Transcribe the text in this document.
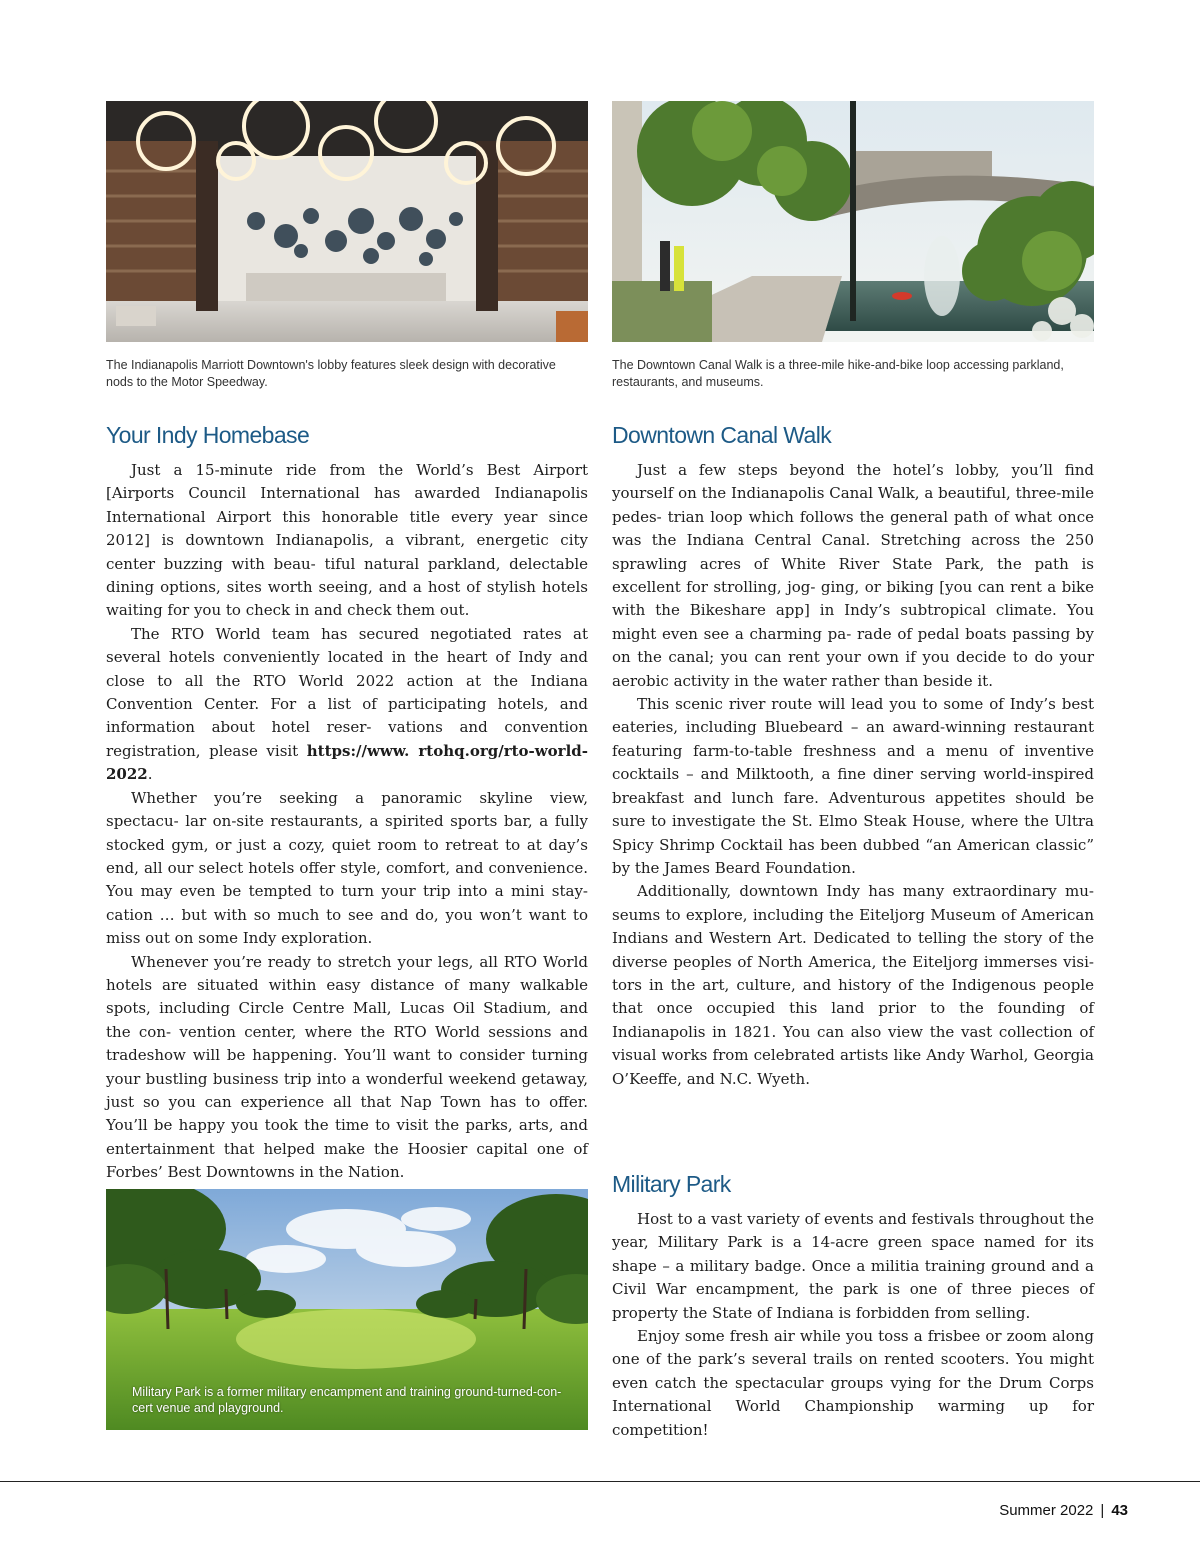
The Indianapolis Marriott Downtown's lobby features sleek design with decorative nods to the Motor Speedway.
The Downtown Canal Walk is a three-mile hike-and-bike loop accessing parkland, restaurants, and museums.
Your Indy Homebase

Just a 15-minute ride from the World’s Best Airport [Airports Council International has awarded Indianapolis International Airport this honorable title every year since 2012] is downtown Indianapolis, a vibrant, energetic city center buzzing with beau- tiful natural parkland, delectable dining options, sites worth seeing, and a host of stylish hotels waiting for you to check in and check them out.

The RTO World team has secured negotiated rates at several hotels conveniently located in the heart of Indy and close to all the RTO World 2022 action at the Indiana Convention Center. For a list of participating hotels, and information about hotel reser- vations and convention registration, please visit https://www. rtohq.org/rto-world-2022.

Whether you’re seeking a panoramic skyline view, spectacu- lar on-site restaurants, a spirited sports bar, a fully stocked gym, or just a cozy, quiet room to retreat to at day’s end, all our select hotels offer style, comfort, and convenience. You may even be tempted to turn your trip into a mini stay-cation … but with so much to see and do, you won’t want to miss out on some Indy exploration.

Whenever you’re ready to stretch your legs, all RTO World hotels are situated within easy distance of many walkable spots, including Circle Centre Mall, Lucas Oil Stadium, and the con- vention center, where the RTO World sessions and tradeshow will be happening. You’ll want to consider turning your bustling business trip into a wonderful weekend getaway, just so you can experience all that Nap Town has to offer. You’ll be happy you took the time to visit the parks, arts, and entertainment that helped make the Hoosier capital one of Forbes’ Best Downtowns in the Nation.

Downtown Canal Walk

Just a few steps beyond the hotel’s lobby, you’ll find yourself on the Indianapolis Canal Walk, a beautiful, three-mile pedes- trian loop which follows the general path of what once was the Indiana Central Canal. Stretching across the 250 sprawling acres of White River State Park, the path is excellent for strolling, jog- ging, or biking [you can rent a bike with the Bikeshare app] in Indy’s subtropical climate. You might even see a charming pa- rade of pedal boats passing by on the canal; you can rent your own if you decide to do your aerobic activity in the water rather than beside it.

This scenic river route will lead you to some of Indy’s best eateries, including Bluebeard – an award-winning restaurant featuring farm-to-table freshness and a menu of inventive cocktails – and Milktooth, a fine diner serving world-inspired breakfast and lunch fare. Adventurous appetites should be sure to investigate the St. Elmo Steak House, where the Ultra Spicy Shrimp Cocktail has been dubbed “an American classic” by the James Beard Foundation.

Additionally, downtown Indy has many extraordinary mu- seums to explore, including the Eiteljorg Museum of American Indians and Western Art. Dedicated to telling the story of the diverse peoples of North America, the Eiteljorg immerses visi- tors in the art, culture, and history of the Indigenous people that once occupied this land prior to the founding of Indianapolis in 1821. You can also view the vast collection of visual works from celebrated artists like Andy Warhol, Georgia O’Keeffe, and N.C. Wyeth.

Military Park

Host to a vast variety of events and festivals throughout the year, Military Park is a 14-acre green space named for its shape – a military badge. Once a militia training ground and a Civil War encampment, the park is one of three pieces of property the State of Indiana is forbidden from selling.

Enjoy some fresh air while you toss a frisbee or zoom along one of the park’s several trails on rented scooters. You might even catch the spectacular groups vying for the Drum Corps International World Championship warming up for competition!

Military Park is a former military encampment and training ground-turned-con- cert venue and playground.
Summer 2022 | 43
